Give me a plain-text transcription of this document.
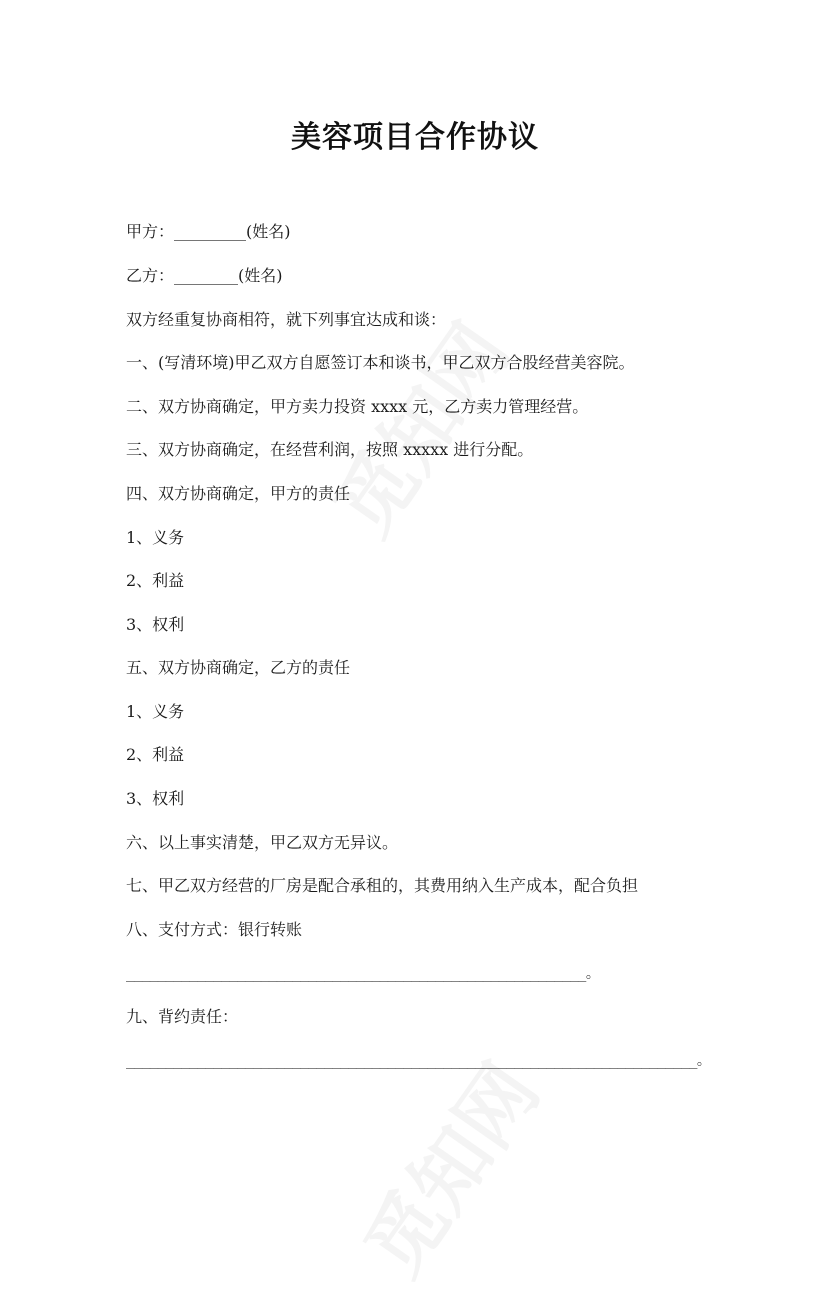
美容项目合作协议
甲方：_________(姓名)
乙方：________(姓名)
双方经重复协商相符，就下列事宜达成和谈：
一、(写清环境)甲乙双方自愿签订本和谈书，甲乙双方合股经营美容院。
二、双方协商确定，甲方卖力投资 xxxx 元，乙方卖力管理经营。
三、双方协商确定，在经营利润，按照 xxxxx 进行分配。
四、双方协商确定，甲方的责任
1、义务
2、利益
3、权利
五、双方协商确定，乙方的责任
1、义务
2、利益
3、权利
六、以上事实清楚，甲乙双方无异议。
七、甲乙双方经营的厂房是配合承租的，其费用纳入生产成本，配合负担
八、支付方式：银行转账
__________________________________________________________。
九、背约责任：
________________________________________________________________________。
